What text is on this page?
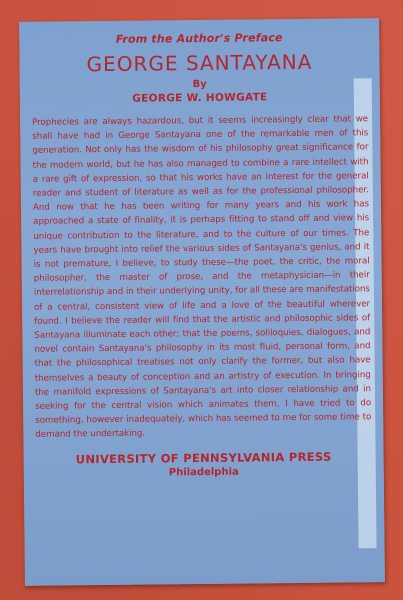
From the Author's Preface

GEORGE SANTAYANA

By

GEORGE W. HOWGATE

Prophecies are always hazardous, but it seems increasingly clear that we shall have had in George Santayana one of the remarkable men of this generation. Not only has the wisdom of his philosophy great significance for the modern world, but he has also managed to combine a rare intellect with a rare gift of expression, so that his works have an interest for the general reader and student of literature as well as for the professional philosopher. And now that he has been writing for many years and his work has approached a state of finality, it is perhaps fitting to stand off and view his unique contribution to the literature, and to the culture of our times. The years have brought into relief the various sides of Santayana's genius, and it is not premature, I believe, to study these—the poet, the critic, the moral philosopher, the master of prose, and the metaphysician—in their interrelationship and in their underlying unity, for all these are manifestations of a central, consistent view of life and a love of the beautiful wherever found. I believe the reader will find that the artistic and philosophic sides of Santayana illuminate each other; that the poems, soliloquies, dialogues, and novel contain Santayana's philosophy in its most fluid, personal form, and that the philosophical treatises not only clarify the former, but also have themselves a beauty of conception and an artistry of execution. In bringing the manifold expressions of Santayana's art into closer relationship and in seeking for the central vision which animates them, I have tried to do something, however inadequately, which has seemed to me for some time to demand the undertaking.

UNIVERSITY OF PENNSYLVANIA PRESS

Philadelphia
